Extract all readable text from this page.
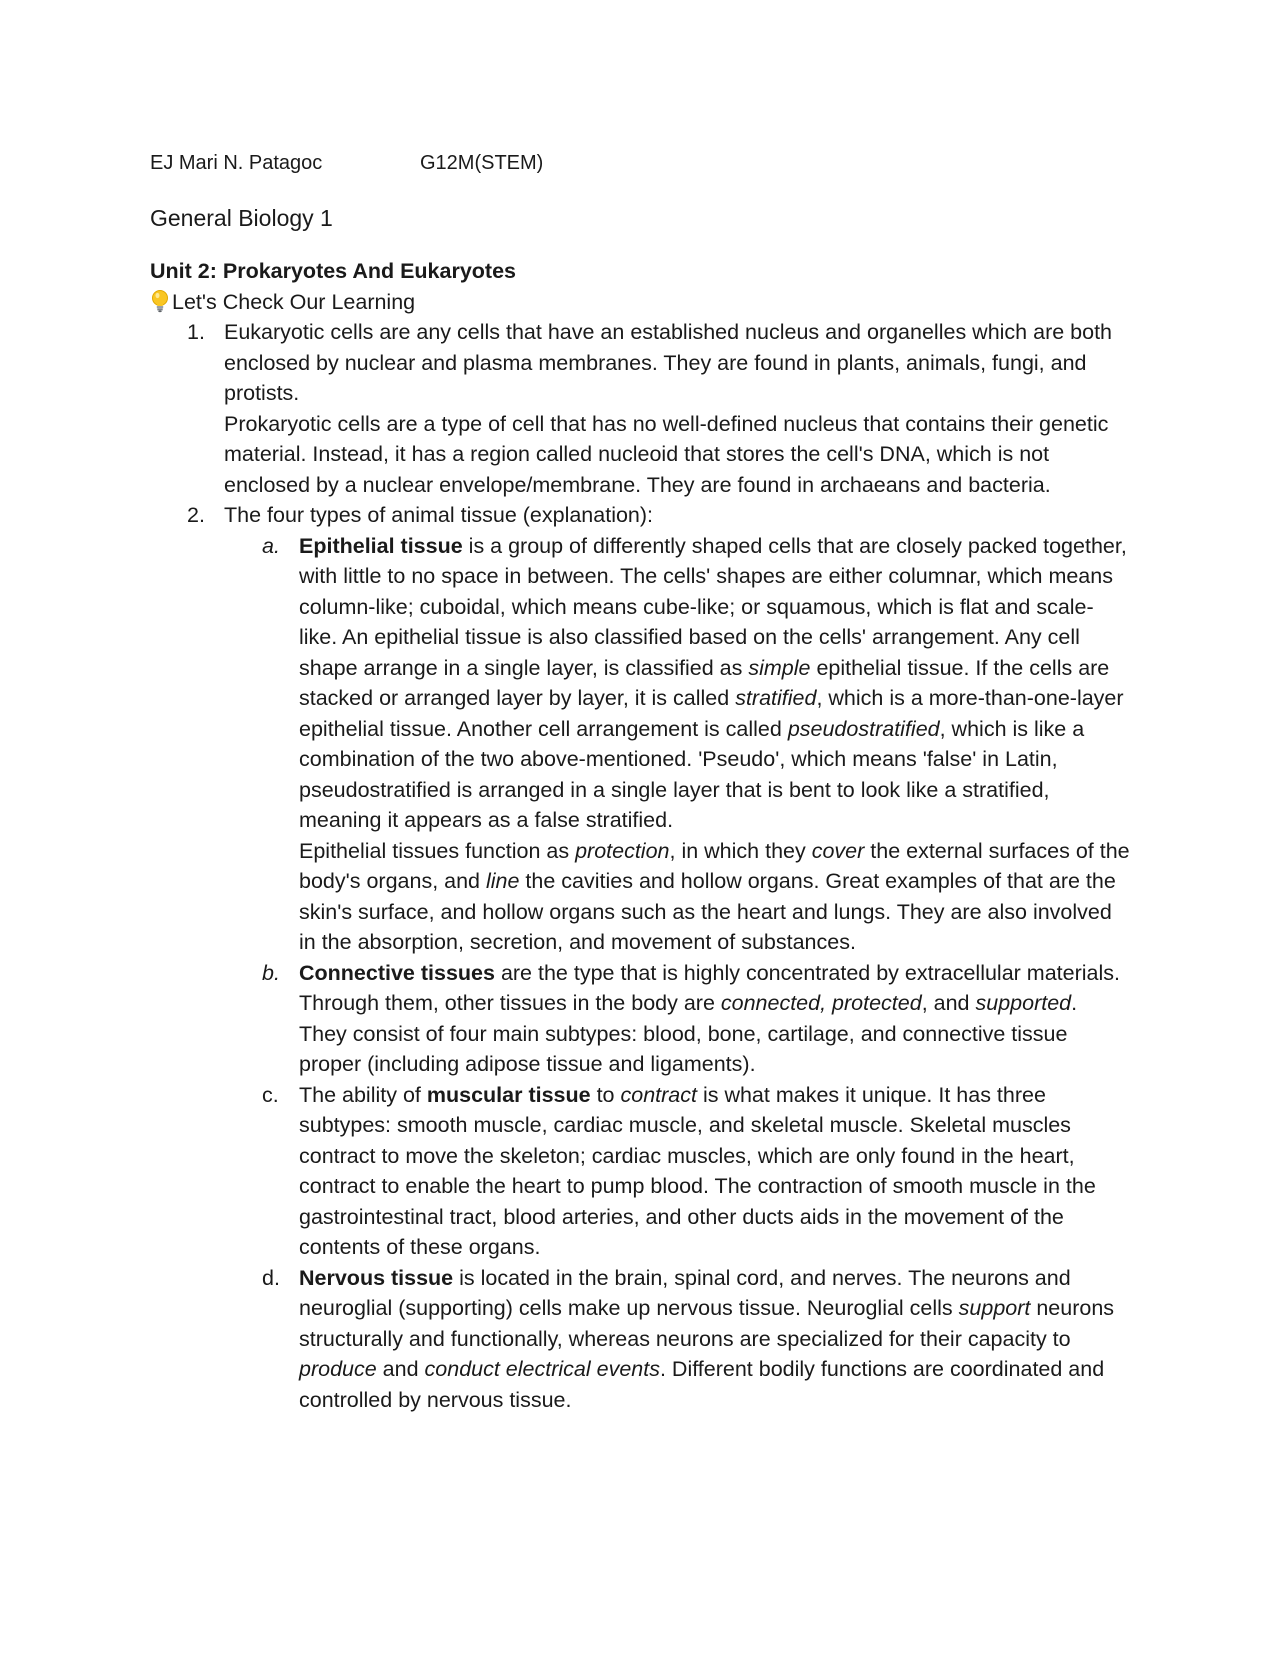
EJ Mari N. Patagoc	G12M(STEM)
General Biology 1
Unit 2: Prokaryotes And Eukaryotes
Let's Check Our Learning
1. Eukaryotic cells are any cells that have an established nucleus and organelles which are both enclosed by nuclear and plasma membranes. They are found in plants, animals, fungi, and protists.

Prokaryotic cells are a type of cell that has no well-defined nucleus that contains their genetic material. Instead, it has a region called nucleoid that stores the cell's DNA, which is not enclosed by a nuclear envelope/membrane. They are found in archaeans and bacteria.

2. The four types of animal tissue (explanation):

a. Epithelial tissue is a group of differently shaped cells that are closely packed together, with little to no space in between. The cells' shapes are either columnar, which means column-like; cuboidal, which means cube-like; or squamous, which is flat and scale-like. An epithelial tissue is also classified based on the cells' arrangement. Any cell shape arrange in a single layer, is classified as simple epithelial tissue. If the cells are stacked or arranged layer by layer, it is called stratified, which is a more-than-one-layer epithelial tissue. Another cell arrangement is called pseudostratified, which is like a combination of the two above-mentioned. 'Pseudo', which means 'false' in Latin, pseudostratified is arranged in a single layer that is bent to look like a stratified, meaning it appears as a false stratified.

Epithelial tissues function as protection, in which they cover the external surfaces of the body's organs, and line the cavities and hollow organs. Great examples of that are the skin's surface, and hollow organs such as the heart and lungs. They are also involved in the absorption, secretion, and movement of substances.

b. Connective tissues are the type that is highly concentrated by extracellular materials. Through them, other tissues in the body are connected, protected, and supported. They consist of four main subtypes: blood, bone, cartilage, and connective tissue proper (including adipose tissue and ligaments).

c. The ability of muscular tissue to contract is what makes it unique. It has three subtypes: smooth muscle, cardiac muscle, and skeletal muscle. Skeletal muscles contract to move the skeleton; cardiac muscles, which are only found in the heart, contract to enable the heart to pump blood. The contraction of smooth muscle in the gastrointestinal tract, blood arteries, and other ducts aids in the movement of the contents of these organs.

d. Nervous tissue is located in the brain, spinal cord, and nerves. The neurons and neuroglial (supporting) cells make up nervous tissue. Neuroglial cells support neurons structurally and functionally, whereas neurons are specialized for their capacity to produce and conduct electrical events. Different bodily functions are coordinated and controlled by nervous tissue.
